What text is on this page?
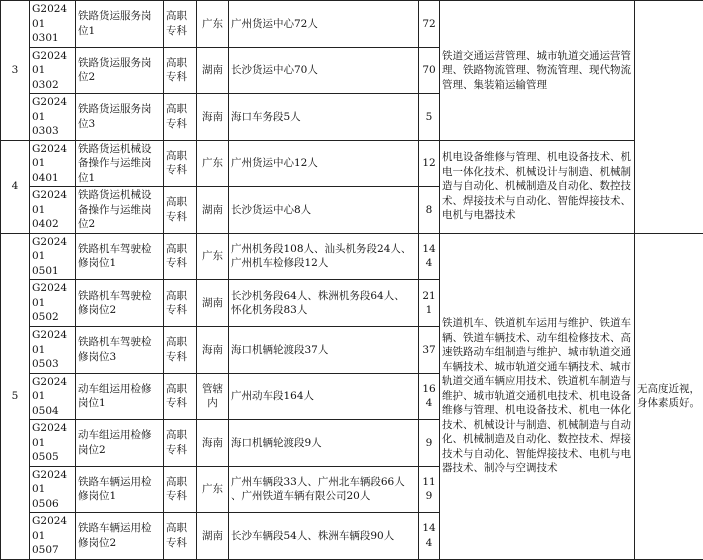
3	G202401
0301	铁路货运服务岗
位1	高职
专科	广东	广州货运中心72人	72	铁道交通运营管理、城市轨道交通运营管理、铁路物流管理、物流管理、现代物流管理、集装箱运输管理	
	G202401
0302	铁路货运服务岗
位2	高职
专科	湖南	长沙货运中心70人	70		
	G202401
0303	铁路货运服务岗
位3	高职
专科	海南	海口车务段5人	5		
4	G202401
0401	铁路货运机械设
备操作与运维岗
位1	高职
专科	广东	广州货运中心12人	12	机电设备维修与管理、机电设备技术、机电一体化技术、机械设计与制造、机械制造与自动化、机械制造及自动化、数控技术、焊接技术与自动化、智能焊接技术、电机与电器技术	
	G202401
0402	铁路货运机械设
备操作与运维岗
位2	高职
专科	湖南	长沙货运中心8人	8		
5	G202401
0501	铁路机车驾驶检
修岗位1	高职
专科	广东	广州机务段108人、汕头机务段24人、
广州机车检修段12人	144	铁道机车、铁道机车运用与维护、铁道车辆、铁道车辆技术、动车组检修技术、高速铁路动车组制造与维护、城市轨道交通车辆技术、城市轨道交通车辆技术、城市轨道交通车辆应用技术、铁道机车制造与维护、城市轨道交通机电技术、机电设备维修与管理、机电设备技术、机电一体化技术、机械设计与制造、机械制造与自动化、机械制造及自动化、数控技术、焊接技术与自动化、智能焊接技术、电机与电器技术、制冷与空调技术	无高度近视，身体素质好。
	G202401
0502	铁路机车驾驶检
修岗位2	高职
专科	湖南	长沙机务段64人、株洲机务段64人、
怀化机务段83人	211		
	G202401
0503	铁路机车驾驶检
修岗位3	高职
专科	海南	海口机辆轮渡段37人	37		
	G202401
0504	动车组运用检修
岗位1	高职
专科	管辖内	广州动车段164人	164		
	G202401
0505	动车组运用检修
岗位2	高职
专科	海南	海口机辆轮渡段9人	9		
	G202401
0506	铁路车辆运用检
修岗位1	高职
专科	广东	广州车辆段33人、广州北车辆段66人
、广州铁道车辆有限公司20人	119		
	G202401
0507	铁路车辆运用检
修岗位2	高职
专科	湖南	长沙车辆段54人、株洲车辆段90人	144		
